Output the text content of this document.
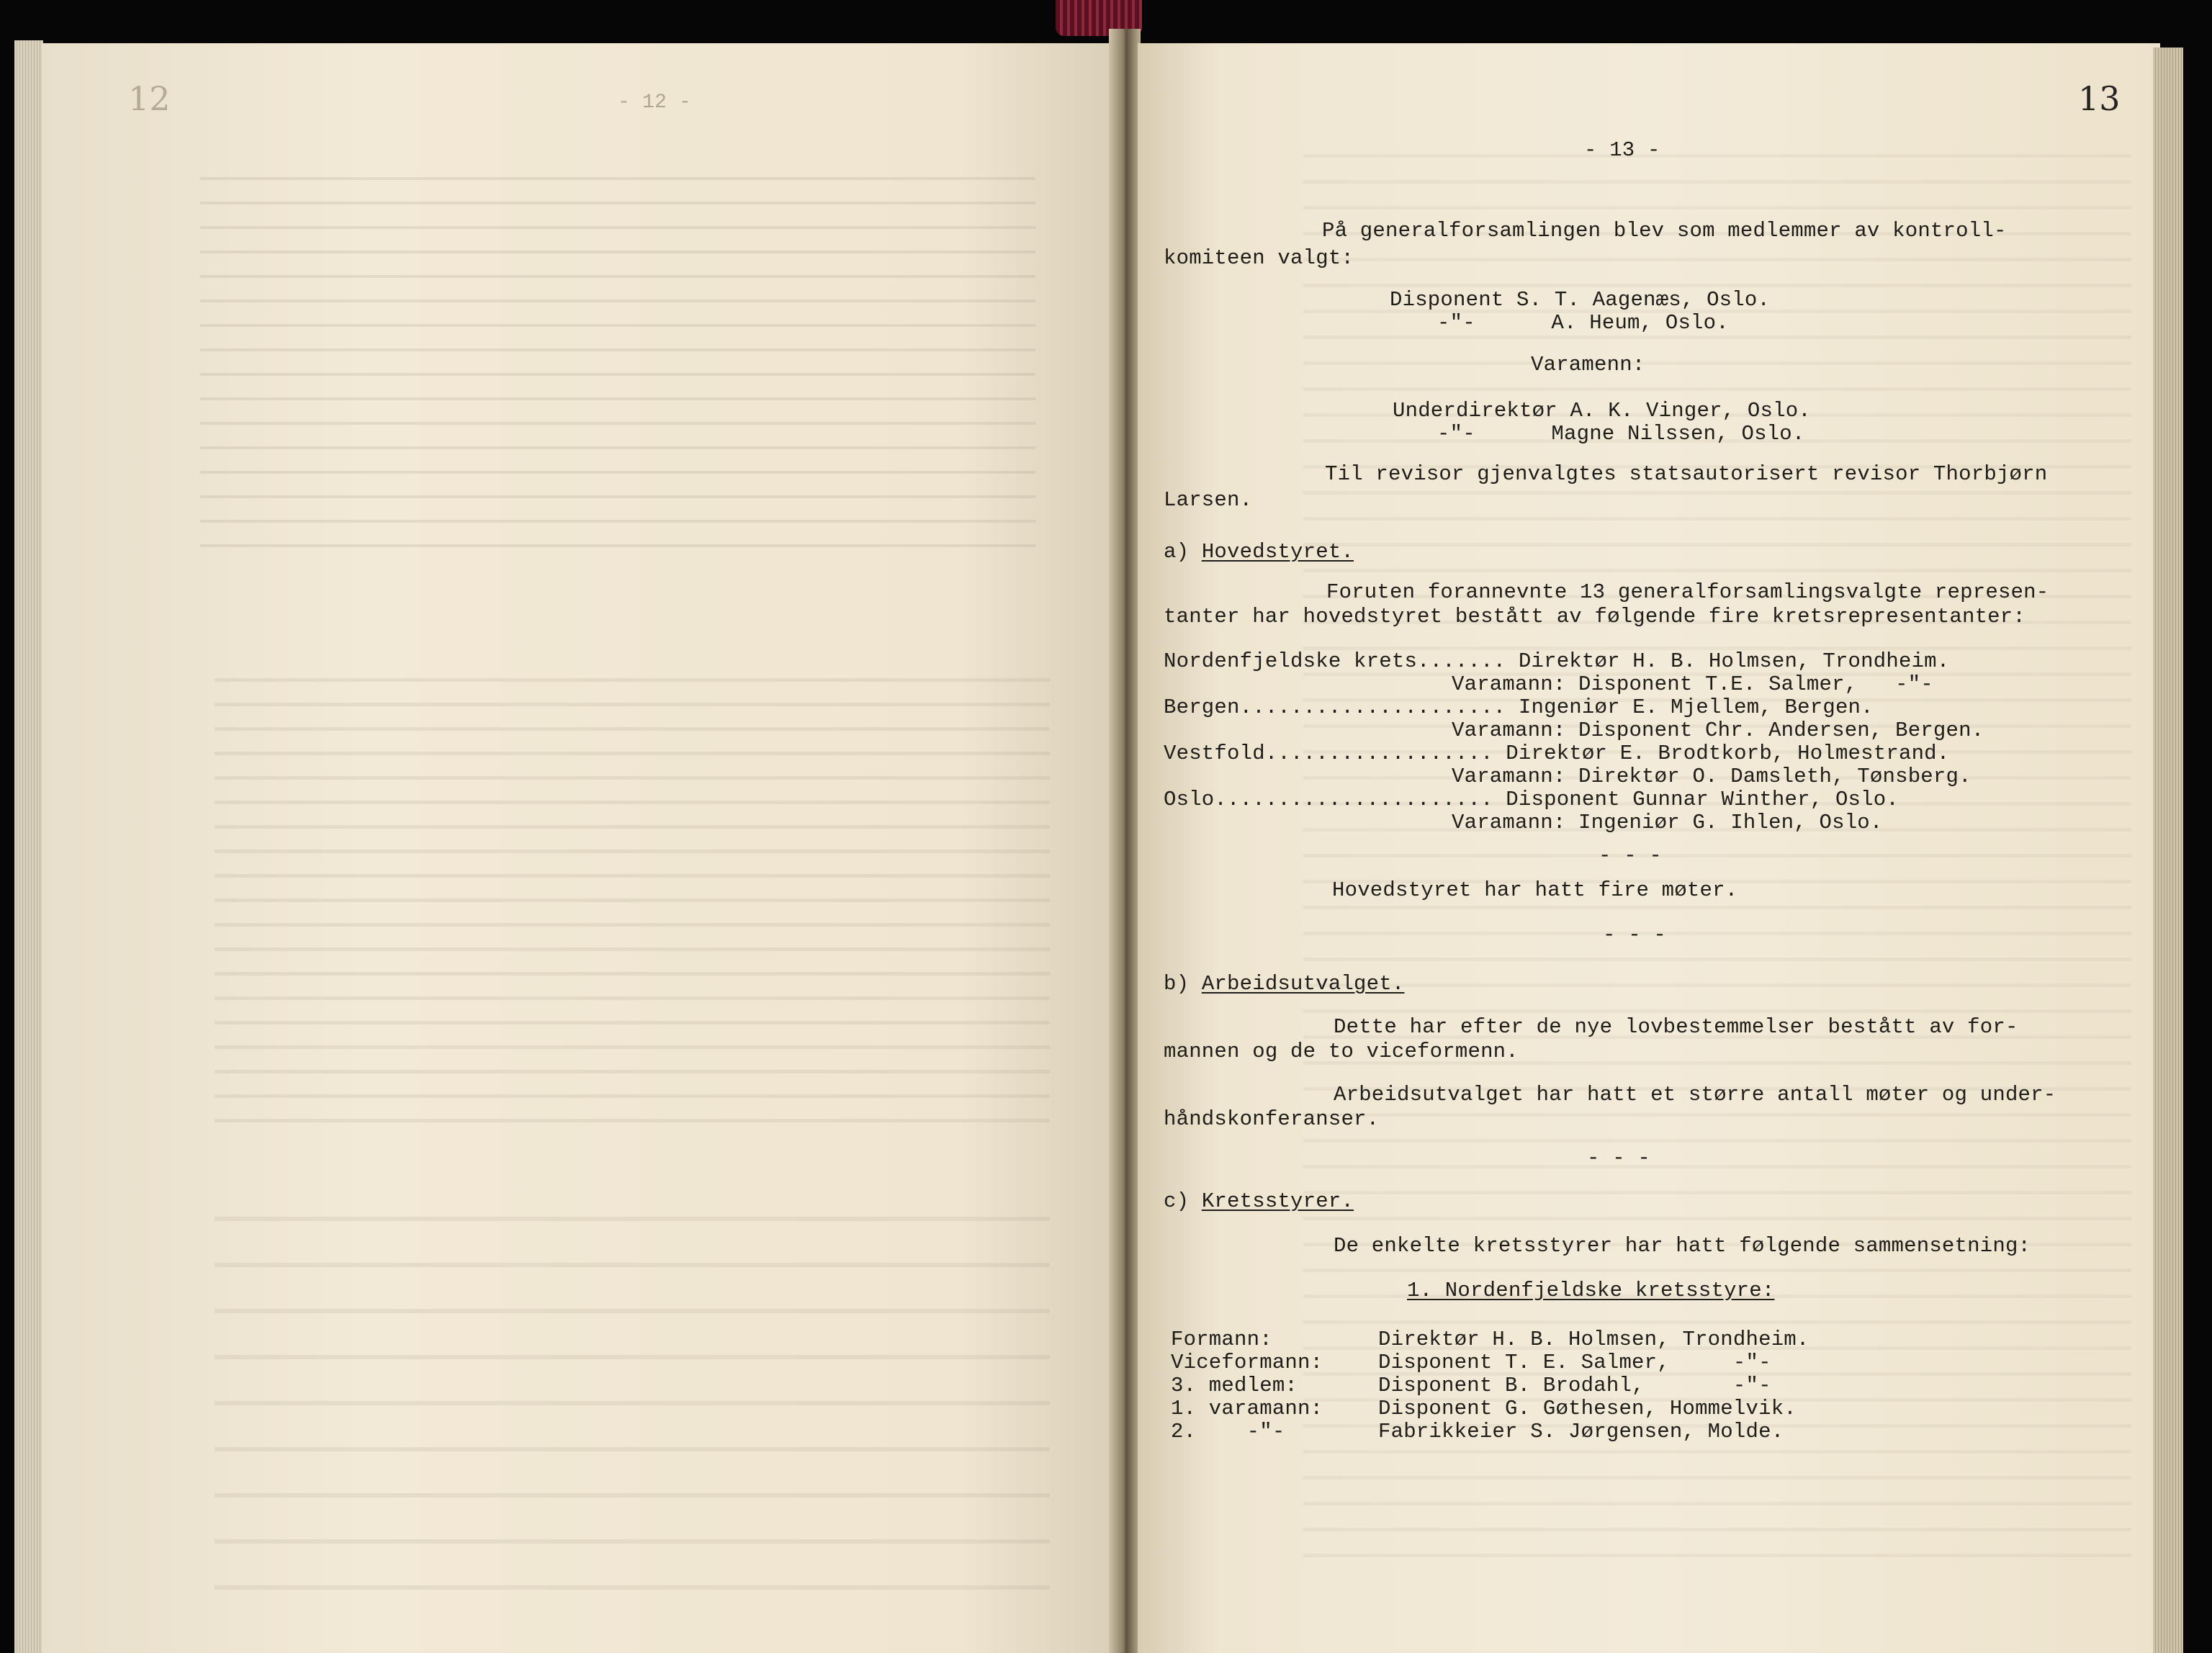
12	- 12 -	13
- 13 -
På generalforsamlingen blev som medlemmer av kontroll-
komiteen valgt:
Disponent S. T. Aagenæs, Oslo.
-"-      A. Heum, Oslo.
Varamenn:
Underdirektør A. K. Vinger, Oslo.
-"-      Magne Nilssen, Oslo.
Til revisor gjenvalgtes statsautorisert revisor Thorbjørn
Larsen.
a) Hovedstyret.
Foruten forannevnte 13 generalforsamlingsvalgte represen-
tanter har hovedstyret bestått av følgende fire kretsrepresentanter:
Nordenfjeldske krets....... Direktør H. B. Holmsen, Trondheim.
Varamann: Disponent T.E. Salmer,   -"-
Bergen..................... Ingeniør E. Mjellem, Bergen.
Varamann: Disponent Chr. Andersen, Bergen.
Vestfold.................. Direktør E. Brodtkorb, Holmestrand.
Varamann: Direktør O. Damsleth, Tønsberg.
Oslo...................... Disponent Gunnar Winther, Oslo.
Varamann: Ingeniør G. Ihlen, Oslo.
- - -
Hovedstyret har hatt fire møter.
- - -
b) Arbeidsutvalget.
Dette har efter de nye lovbestemmelser bestått av for-
mannen og de to viceformenn.
Arbeidsutvalget har hatt et større antall møter og under-
håndskonferanser.
- - -
c) Kretsstyrer.
De enkelte kretsstyrer har hatt følgende sammensetning:
1. Nordenfjeldske kretsstyre:
Formann:	Direktør H. B. Holmsen, Trondheim.
Viceformann:	Disponent T. E. Salmer,     -"-
3. medlem:	Disponent B. Brodahl,       -"-
1. varamann:	Disponent G. Gøthesen, Hommelvik.
2.    -"-	Fabrikkeier S. Jørgensen, Molde.
